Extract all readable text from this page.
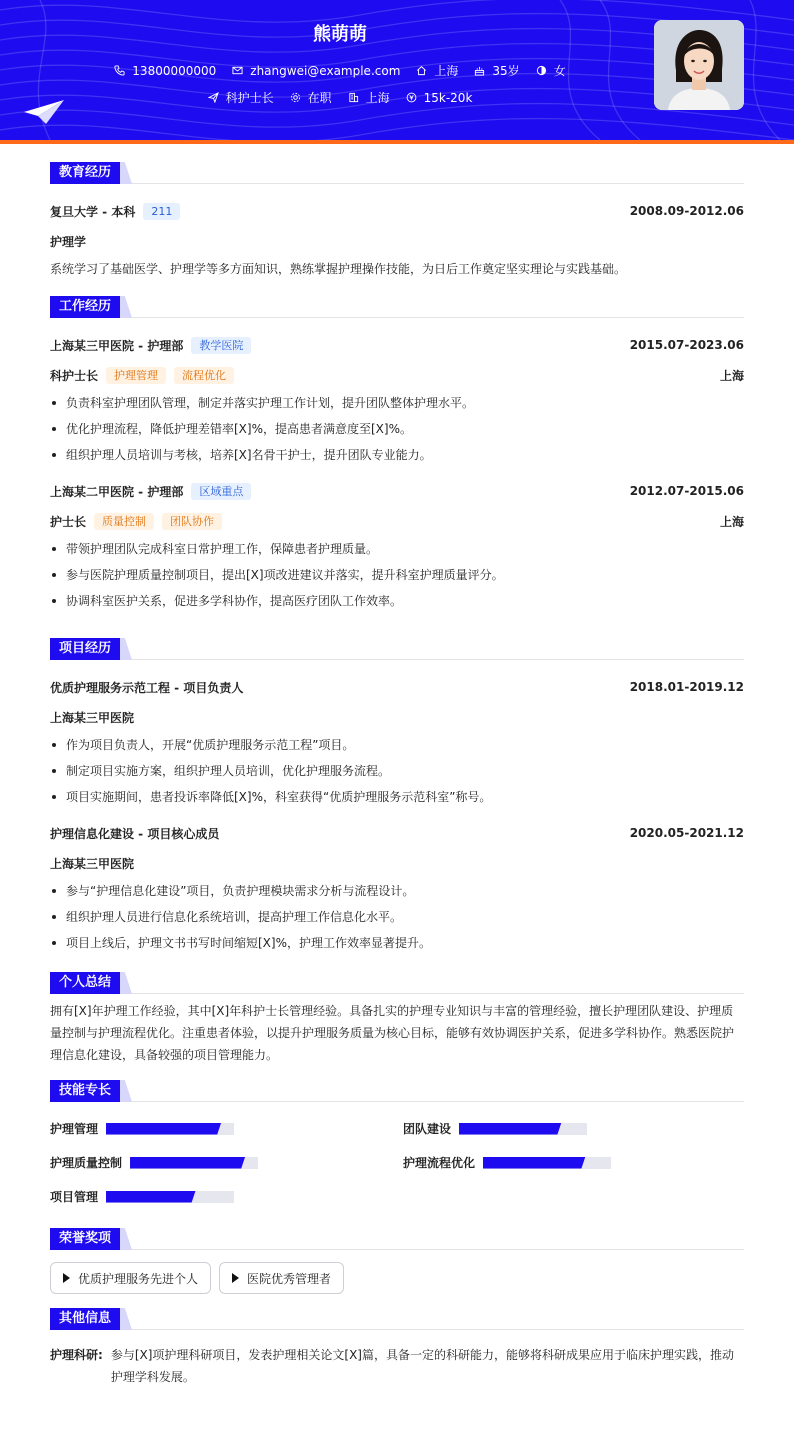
熊萌萌
13800000000	zhangwei@example.com	上海	35岁	女
科护士长	在职	上海	15k-20k
教育经历
复旦大学 - 本科	211	2008.09-2012.06
护理学
系统学习了基础医学、护理学等多方面知识，熟练掌握护理操作技能，为日后工作奠定坚实理论与实践基础。
工作经历
上海某三甲医院 - 护理部	教学医院	2015.07-2023.06
科护士长	护理管理	流程优化	上海
负责科室护理团队管理，制定并落实护理工作计划，提升团队整体护理水平。
优化护理流程，降低护理差错率[X]%，提高患者满意度至[X]%。
组织护理人员培训与考核，培养[X]名骨干护士，提升团队专业能力。
上海某二甲医院 - 护理部	区域重点	2012.07-2015.06
护士长	质量控制	团队协作	上海
带领护理团队完成科室日常护理工作，保障患者护理质量。
参与医院护理质量控制项目，提出[X]项改进建议并落实，提升科室护理质量评分。
协调科室医护关系，促进多学科协作，提高医疗团队工作效率。
项目经历
优质护理服务示范工程 - 项目负责人	2018.01-2019.12
上海某三甲医院
作为项目负责人，开展“优质护理服务示范工程”项目。
制定项目实施方案，组织护理人员培训，优化护理服务流程。
项目实施期间，患者投诉率降低[X]%，科室获得“优质护理服务示范科室”称号。
护理信息化建设 - 项目核心成员	2020.05-2021.12
上海某三甲医院
参与“护理信息化建设”项目，负责护理模块需求分析与流程设计。
组织护理人员进行信息化系统培训，提高护理工作信息化水平。
项目上线后，护理文书书写时间缩短[X]%，护理工作效率显著提升。
个人总结
拥有[X]年护理工作经验，其中[X]年科护士长管理经验。具备扎实的护理专业知识与丰富的管理经验，擅长护理团队建设、护理质量控制与护理流程优化。注重患者体验，以提升护理服务质量为核心目标，能够有效协调医护关系，促进多学科协作。熟悉医院护理信息化建设，具备较强的项目管理能力。
技能专长
护理管理	团队建设
护理质量控制	护理流程优化
项目管理
荣誉奖项
优质护理服务先进个人	医院优秀管理者
其他信息
护理科研: 参与[X]项护理科研项目，发表护理相关论文[X]篇，具备一定的科研能力，能够将科研成果应用于临床护理实践，推动护理学科发展。
